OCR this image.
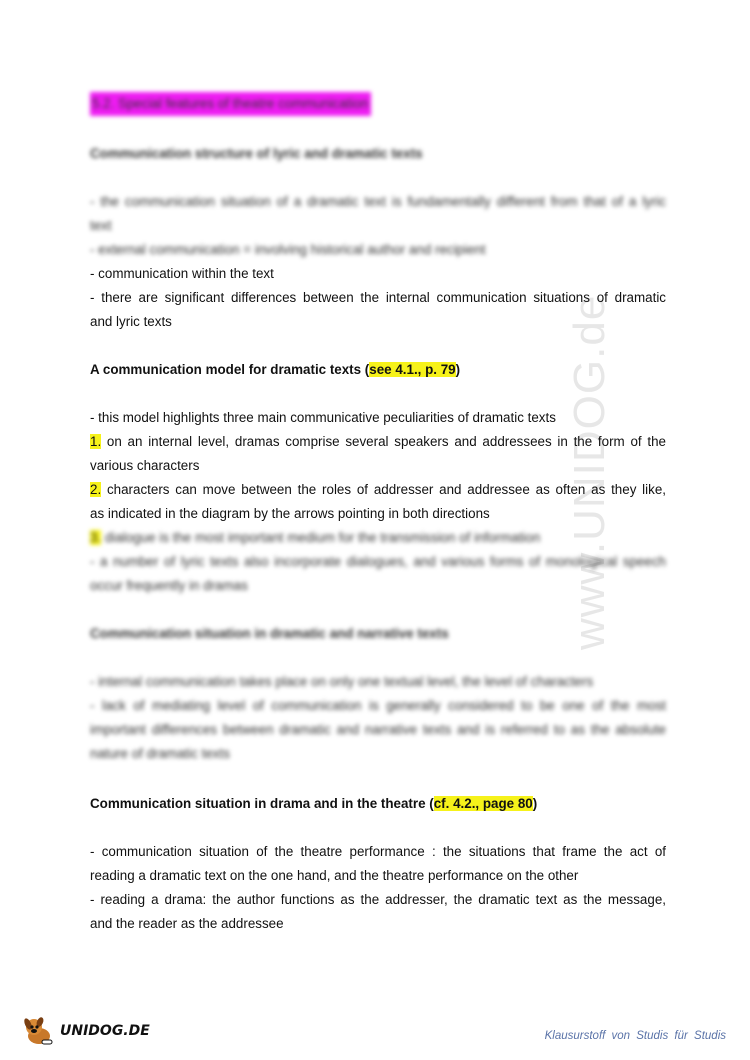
www.UNIDOG.de
5.2. Special features of theatre communication
Communication structure of lyric and dramatic texts
- the communication situation of a dramatic text is fundamentally different from that of a lyric
text
- external communication = involving historical author and recipient
- communication within the text
- there are significant differences between the internal communication situations of dramatic
and lyric texts
A communication model for dramatic texts (see 4.1., p. 79)
- this model highlights three main communicative peculiarities of dramatic texts
1. on an internal level, dramas comprise several speakers and addressees in the form of the
various characters
2. characters can move between the roles of addresser and addressee as often as they like,
as indicated in the diagram by the arrows pointing in both directions
3. dialogue is the most important medium for the transmission of information
- a number of lyric texts also incorporate dialogues, and various forms of monological speech
occur frequently in dramas
Communication situation in dramatic and narrative texts
- internal communication takes place on only one textual level, the level of characters
- lack of mediating level of communication is generally considered to be one of the most
important differences between dramatic and narrative texts and is referred to as the absolute
nature of dramatic texts
Communication situation in drama and in the theatre (cf. 4.2., page 80)
- communication situation of the theatre performance : the situations that frame the act of
reading a dramatic text on the one hand, and the theatre performance on the other
- reading a drama: the author functions as the addresser, the dramatic text as the message,
and the reader as the addressee
UNIDOG.DE	Klausurstoff von Studis für Studis
